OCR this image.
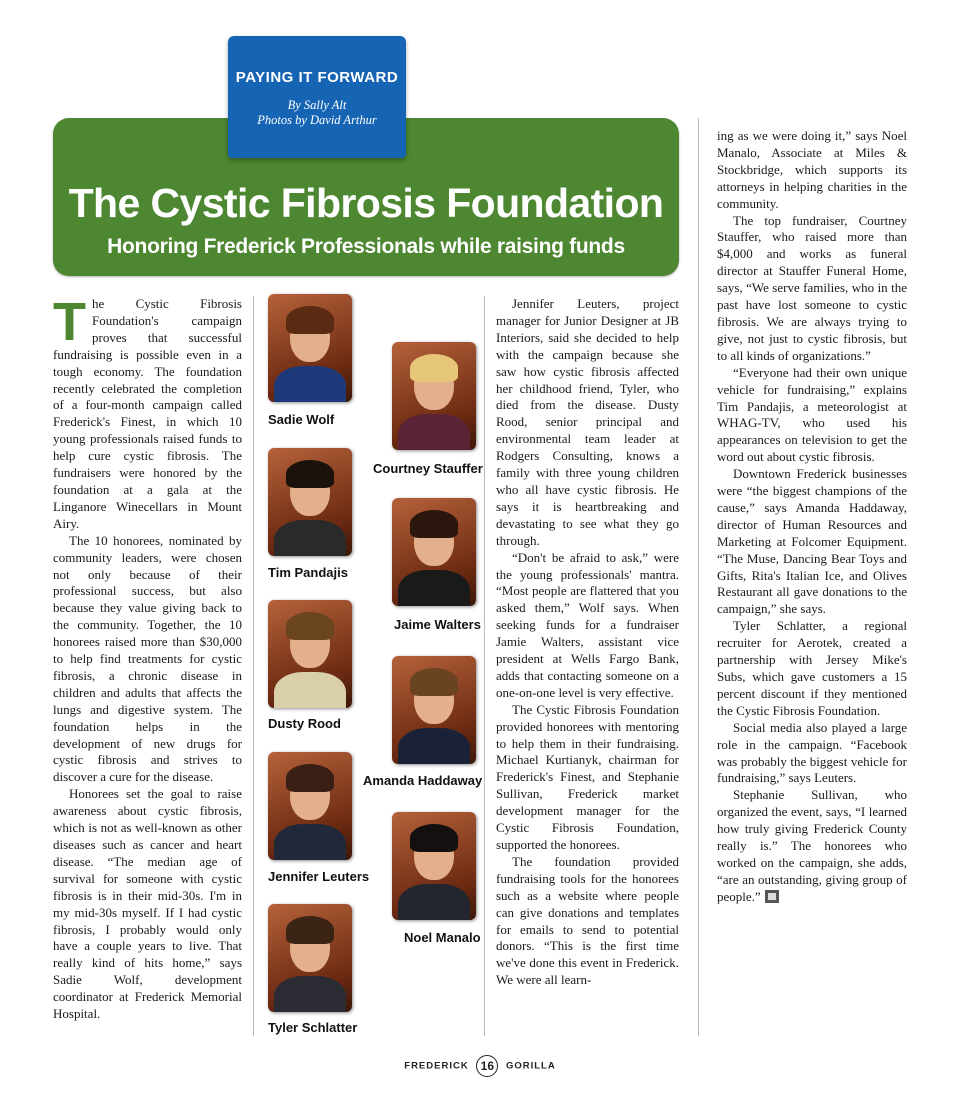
PAYING IT FORWARD
By Sally Alt
Photos by David Arthur
The Cystic Fibrosis Foundation
Honoring Frederick Professionals while raising funds

The Cystic Fibrosis Foundation's campaign proves that successful fundraising is possible even in a tough economy. The foundation recently celebrated the completion of a four-month campaign called Frederick's Finest, in which 10 young professionals raised funds to help cure cystic fibrosis. The fundraisers were honored by the foundation at a gala at the Linganore Winecellars in Mount Airy.

The 10 honorees, nominated by community leaders, were chosen not only because of their professional success, but also because they value giving back to the community. Together, the 10 honorees raised more than $30,000 to help find treatments for cystic fibrosis, a chronic disease in children and adults that affects the lungs and digestive system. The foundation helps in the development of new drugs for cystic fibrosis and strives to discover a cure for the disease.

Honorees set the goal to raise awareness about cystic fibrosis, which is not as well-known as other diseases such as cancer and heart disease. “The median age of survival for someone with cystic fibrosis is in their mid-30s. I'm in my mid-30s myself. If I had cystic fibrosis, I probably would only have a couple years to live. That really kind of hits home,” says Sadie Wolf, development coordinator at Frederick Memorial Hospital.

Sadie Wolf
Tim Pandajis
Dusty Rood
Jennifer Leuters
Tyler Schlatter
Courtney Stauffer
Jaime Walters
Amanda Haddaway
Noel Manalo

Jennifer Leuters, project manager for Junior Designer at JB Interiors, said she decided to help with the campaign because she saw how cystic fibrosis affected her childhood friend, Tyler, who died from the disease. Dusty Rood, senior principal and environmental team leader at Rodgers Consulting, knows a family with three young children who all have cystic fibrosis. He says it is heartbreaking and devastating to see what they go through.

“Don't be afraid to ask,” were the young professionals' mantra. “Most people are flattered that you asked them,” Wolf says. When seeking funds for a fundraiser Jamie Walters, assistant vice president at Wells Fargo Bank, adds that contacting someone on a one-on-one level is very effective.

The Cystic Fibrosis Foundation provided honorees with mentoring to help them in their fundraising. Michael Kurtianyk, chairman for Frederick's Finest, and Stephanie Sullivan, Frederick market development manager for the Cystic Fibrosis Foundation, supported the honorees.

The foundation provided fundraising tools for the honorees such as a website where people can give donations and templates for emails to send to potential donors. “This is the first time we've done this event in Frederick. We were all learn-

ing as we were doing it,” says Noel Manalo, Associate at Miles & Stockbridge, which supports its attorneys in helping charities in the community.

The top fundraiser, Courtney Stauffer, who raised more than $4,000 and works as funeral director at Stauffer Funeral Home, says, “We serve families, who in the past have lost someone to cystic fibrosis. We are always trying to give, not just to cystic fibrosis, but to all kinds of organizations.”

“Everyone had their own unique vehicle for fundraising,” explains Tim Pandajis, a meteorologist at WHAG-TV, who used his appearances on television to get the word out about cystic fibrosis.

Downtown Frederick businesses were “the biggest champions of the cause,” says Amanda Haddaway, director of Human Resources and Marketing at Folcomer Equipment. “The Muse, Dancing Bear Toys and Gifts, Rita's Italian Ice, and Olives Restaurant all gave donations to the campaign,” she says.

Tyler Schlatter, a regional recruiter for Aerotek, created a partnership with Jersey Mike's Subs, which gave customers a 15 percent discount if they mentioned the Cystic Fibrosis Foundation.

Social media also played a large role in the campaign. “Facebook was probably the biggest vehicle for fundraising,” says Leuters.

Stephanie Sullivan, who organized the event, says, “I learned how truly giving Frederick County really is.” The honorees who worked on the campaign, she adds, “are an outstanding, giving group of people.”

FREDERICK 16 GORILLA
